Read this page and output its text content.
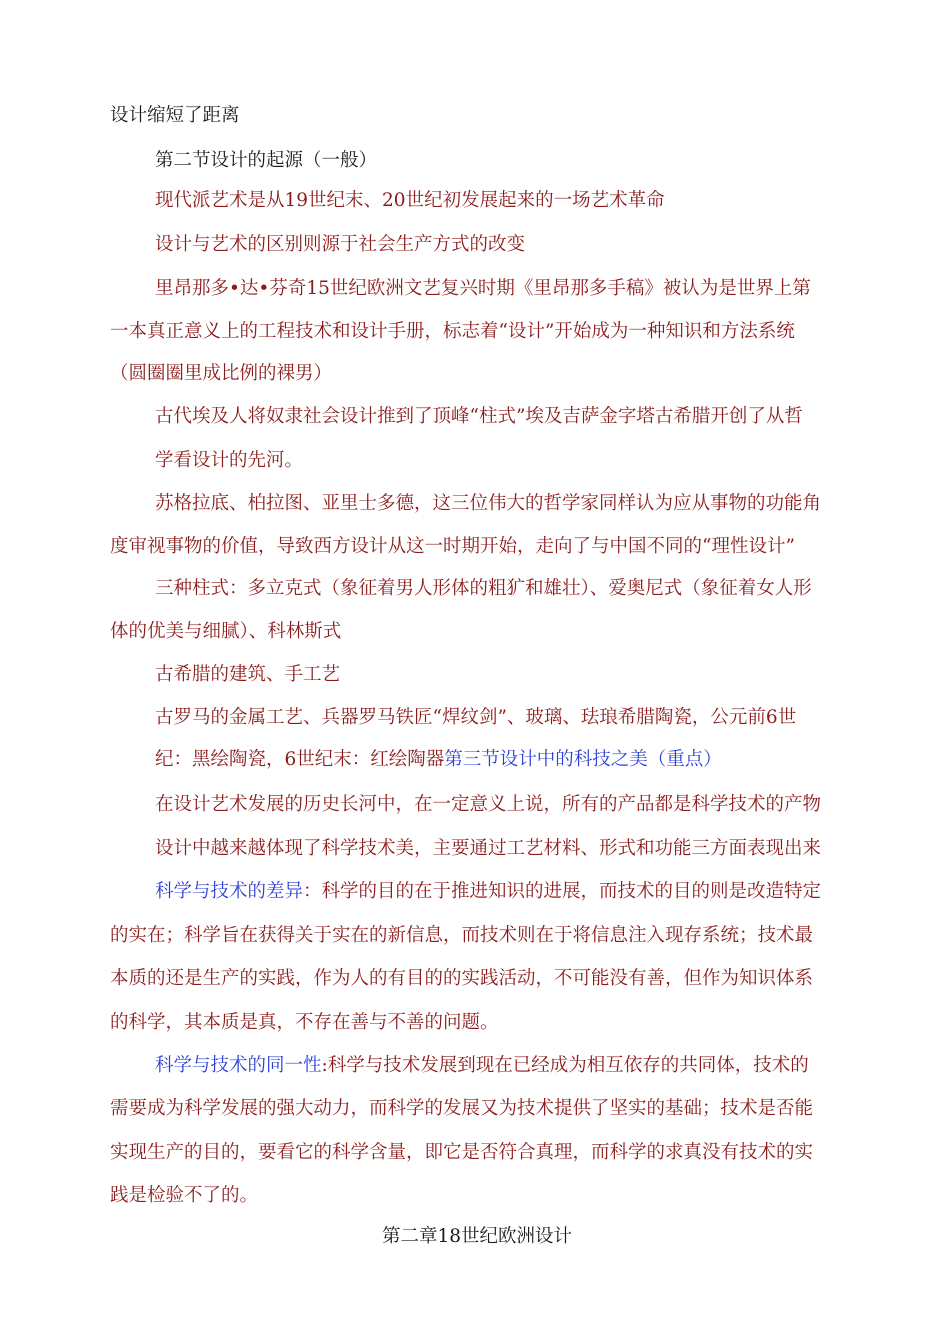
设计缩短了距离
第二节设计的起源（一般）
现代派艺术是从19世纪末、20世纪初发展起来的一场艺术革命
设计与艺术的区别则源于社会生产方式的改变
里昂那多•达•芬奇15世纪欧洲文艺复兴时期《里昂那多手稿》被认为是世界上第
一本真正意义上的工程技术和设计手册，标志着“设计”开始成为一种知识和方法系统
（圆圈圈里成比例的裸男）
古代埃及人将奴隶社会设计推到了顶峰“柱式”埃及吉萨金字塔古希腊开创了从哲
学看设计的先河。
苏格拉底、柏拉图、亚里士多德，这三位伟大的哲学家同样认为应从事物的功能角
度审视事物的价值，导致西方设计从这一时期开始，走向了与中国不同的“理性设计”
三种柱式：多立克式（象征着男人形体的粗犷和雄壮）、爱奥尼式（象征着女人形
体的优美与细腻）、科林斯式
古希腊的建筑、手工艺
古罗马的金属工艺、兵器罗马铁匠“焊纹剑”、玻璃、珐琅希腊陶瓷，公元前6世
纪：黑绘陶瓷，6世纪末：红绘陶器第三节设计中的科技之美（重点）
在设计艺术发展的历史长河中，在一定意义上说，所有的产品都是科学技术的产物
设计中越来越体现了科学技术美，主要通过工艺材料、形式和功能三方面表现出来
科学与技术的差异：科学的目的在于推进知识的进展，而技术的目的则是改造特定
的实在；科学旨在获得关于实在的新信息，而技术则在于将信息注入现存系统；技术最
本质的还是生产的实践，作为人的有目的的实践活动，不可能没有善，但作为知识体系
的科学，其本质是真，不存在善与不善的问题。
科学与技术的同一性:科学与技术发展到现在已经成为相互依存的共同体，技术的
需要成为科学发展的强大动力，而科学的发展又为技术提供了坚实的基础；技术是否能
实现生产的目的，要看它的科学含量，即它是否符合真理，而科学的求真没有技术的实
践是检验不了的。
第二章18世纪欧洲设计
